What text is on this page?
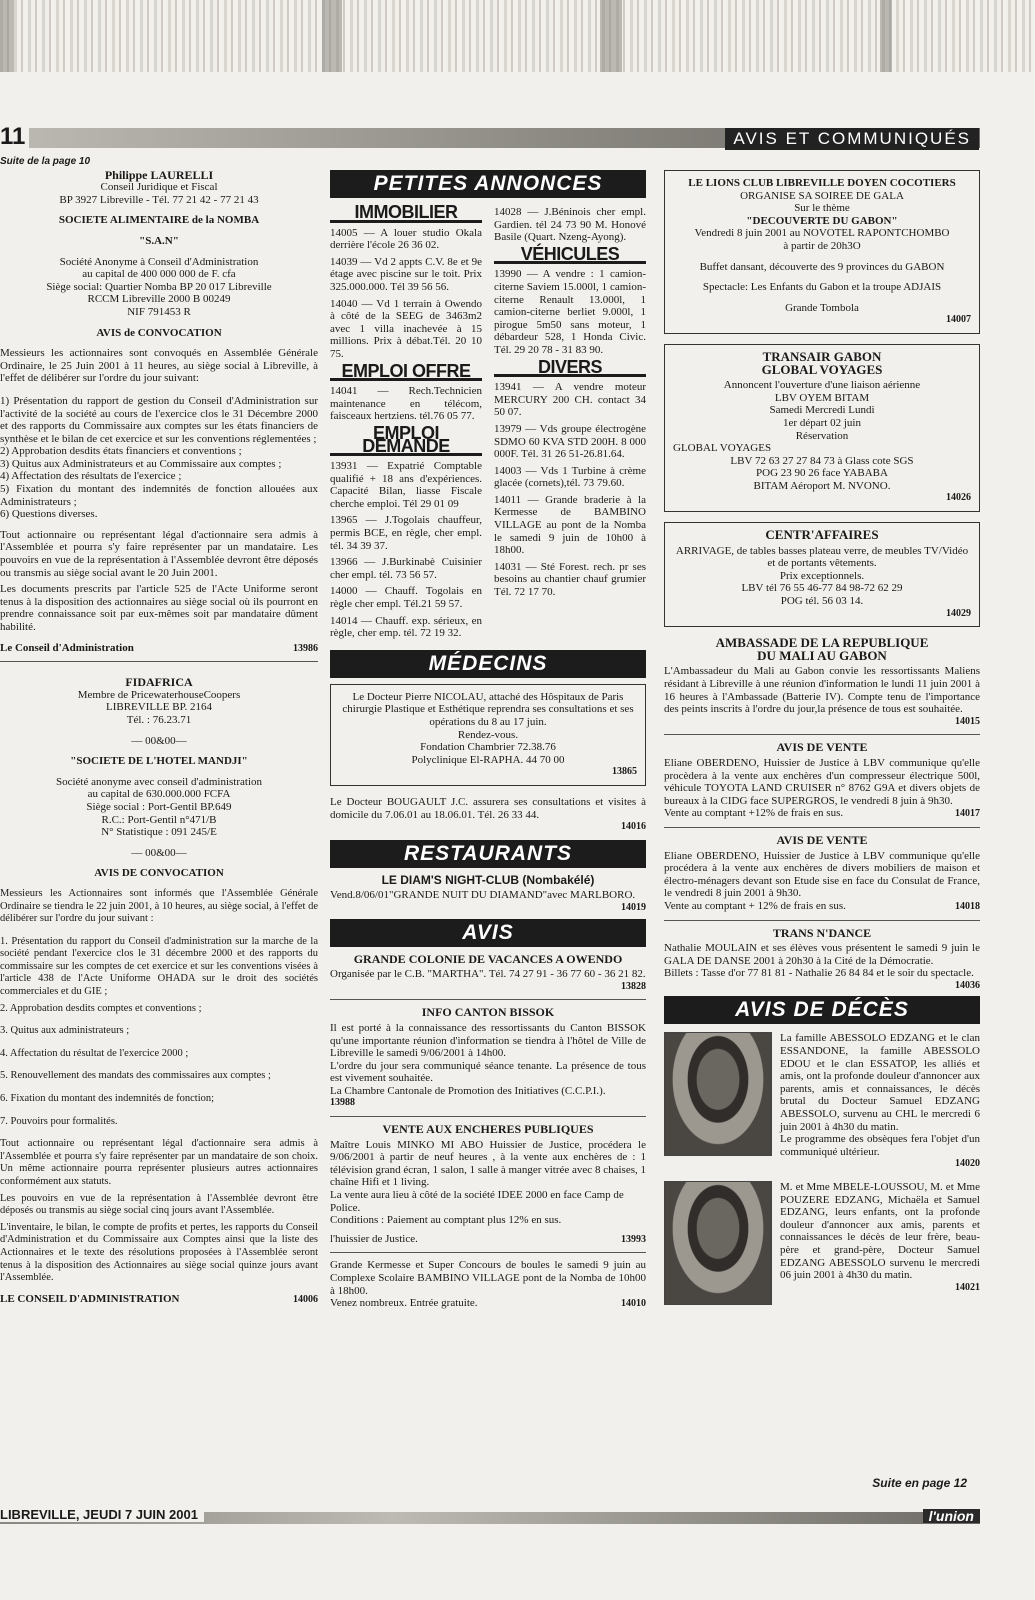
11	AVIS ET COMMUNIQUÉS
Suite de la page 10
Philippe LAURELLI
Conseil Juridique et Fiscal
BP 3927 Libreville - Tél. 77 21 42 - 77 21 43
SOCIETE ALIMENTAIRE de la NOMBA
"S.A.N"
Société Anonyme à Conseil d'Administration
au capital de 400 000 000 de F. cfa
Siège social: Quartier Nomba BP 20 017 Libreville
RCCM Libreville 2000 B 00249
NIF 791453 R
AVIS de CONVOCATION

Messieurs les actionnaires sont convoqués en Assemblée Générale Ordinaire, le 25 Juin 2001 à 11 heures, au siège social à Libreville, à l'effet de délibérer sur l'ordre du jour suivant:

1) Présentation du rapport de gestion du Conseil d'Administration sur l'activité de la société au cours de l'exercice clos le 31 Décembre 2000 et des rapports du Commissaire aux comptes sur les états financiers de synthèse et le bilan de cet exercice et sur les conventions réglementées ;
2) Approbation desdits états financiers et conventions ;
3) Quitus aux Administrateurs et au Commissaire aux comptes ;
4) Affectation des résultats de l'exercice ;
5) Fixation du montant des indemnités de fonction allouées aux Administrateurs ;
6) Questions diverses.

Tout actionnaire ou représentant légal d'actionnaire sera admis à l'Assemblée et pourra s'y faire représenter par un mandataire. Les pouvoirs en vue de la représentation à l'Assemblée devront être déposés ou transmis au siège social avant le 20 Juin 2001.

Les documents prescrits par l'article 525 de l'Acte Uniforme seront tenus à la disposition des actionnaires au siège social où ils pourront en prendre connaissance soit par eux-mêmes soit par mandataire dûment habilité.

Le Conseil d'Administration	13986
FIDAFRICA
Membre de PricewaterhouseCoopers
LIBREVILLE BP. 2164
Tél. : 76.23.71
— 00&00—
"SOCIETE DE L'HOTEL MANDJI"
Société anonyme avec conseil d'administration
au capital de 630.000.000 FCFA
Siège social : Port-Gentil BP.649
R.C.: Port-Gentil n°471/B
N° Statistique : 091 245/E
— 00&00—
AVIS DE CONVOCATION

Messieurs les Actionnaires sont informés que l'Assemblée Générale Ordinaire se tiendra le 22 juin 2001, à 10 heures, au siège social, à l'effet de délibérer sur l'ordre du jour suivant :

1. Présentation du rapport du Conseil d'administration sur la marche de la société pendant l'exercice clos le 31 décembre 2000 et des rapports du commissaire sur les comptes de cet exercice et sur les conventions visées à l'article 438 de l'Acte Uniforme OHADA sur le droit des sociétés commerciales et du GIE ;

2. Approbation desdits comptes et conventions ;

3. Quitus aux administrateurs ;

4. Affectation du résultat de l'exercice 2000 ;

5. Renouvellement des mandats des commissaires aux comptes ;

6. Fixation du montant des indemnités de fonction;

7. Pouvoirs pour formalités.

Tout actionnaire ou représentant légal d'actionnaire sera admis à l'Assemblée et pourra s'y faire représenter par un mandataire de son choix. Un même actionnaire pourra représenter plusieurs autres actionnaires conformément aux statuts.

Les pouvoirs en vue de la représentation à l'Assemblée devront être déposés ou transmis au siège social cinq jours avant l'Assemblée.

L'inventaire, le bilan, le compte de profits et pertes, les rapports du Conseil d'Administration et du Commissaire aux Comptes ainsi que la liste des Actionnaires et le texte des résolutions proposées à l'Assemblée seront tenus à la disposition des Actionnaires au siège social quinze jours avant l'Assemblée.

LE CONSEIL D'ADMINISTRATION	14006
PETITES ANNONCES
IMMOBILIER

14005 — A louer studio Okala derrière l'école 26 36 02.

14039 — Vd 2 appts C.V. 8e et 9e étage avec piscine sur le toit. Prix 325.000.000. Tél 39 56 56.

14040 — Vd 1 terrain à Owendo à côté de la SEEG de 3463m2 avec 1 villa inachevée à 15 millions. Prix à débat.Tél. 20 10 75.

EMPLOI OFFRE

14041 — Rech.Technicien maintenance en télécom, faisceaux hertziens. tél.76 05 77.

EMPLOI DEMANDE

13931 — Expatrié Comptable qualifié + 18 ans d'expériences. Capacité Bilan, liasse Fiscale cherche emploi. Tél 29 01 09

13965 — J.Togolais chauffeur, permis BCE, en règle, cher empl. tél. 34 39 37.

13966 — J.Burkinabè Cuisinier cher empl. tél. 73 56 57.

14000 — Chauff. Togolais en règle cher empl. Tél.21 59 57.

14014 — Chauff. exp. sérieux, en règle, cher emp. tél. 72 19 32.

14028 — J.Béninois cher empl. Gardien. tél 24 73 90 M. Honové Basile (Quart. Nzeng-Ayong).

VÉHICULES

13990 — A vendre : 1 camion-citerne Saviem 15.000l, 1 camion-citerne Renault 13.000l, 1 camion-citerne berliet 9.000l, 1 pirogue 5m50 sans moteur, 1 débardeur 528, 1 Honda Civic. Tél. 29 20 78 - 31 83 90.

DIVERS

13941 — A vendre moteur MERCURY 200 CH. contact 34 50 07.

13979 — Vds groupe électrogène SDMO 60 KVA STD 200H. 8 000 000F. Tél. 31 26 51-26.81.64.

14003 — Vds 1 Turbine à crème glacée (cornets),tél. 73 79.60.

14011 — Grande braderie à la Kermesse de BAMBINO VILLAGE au pont de la Nomba le samedi 9 juin de 10h00 à 18h00.

14031 — Sté Forest. rech. pr ses besoins au chantier chauf grumier Tél. 72 17 70.

MÉDECINS
Le Docteur Pierre NICOLAU, attaché des Hôspitaux de Paris chirurgie Plastique et Esthétique reprendra ses consultations et ses opérations du 8 au 17 juin.
Rendez-vous.
Fondation Chambrier 72.38.76
Polyclinique El-RAPHA. 44 70 00
13865
Le Docteur BOUGAULT J.C. assurera ses consultations et visites à domicile du 7.06.01 au 18.06.01. Tél. 26 33 44.
14016
RESTAURANTS
LE DIAM'S NIGHT-CLUB (Nombakélé)
Vend.8/06/01"GRANDE NUIT DU DIAMAND"avec MARLBORO.
14019
AVIS
GRANDE COLONIE DE VACANCES A OWENDO
Organisée par le C.B. "MARTHA". Tél. 74 27 91 - 36 77 60 - 36 21 82.
13828
INFO CANTON BISSOK
Il est porté à la connaissance des ressortissants du Canton BISSOK qu'une importante réunion d'information se tiendra à l'hôtel de Ville de Libreville le samedi 9/06/2001 à 14h00.
L'ordre du jour sera communiqué séance tenante. La présence de tous est vivement souhaitée.
La Chambre Cantonale de Promotion des Initiatives (C.C.P.I.).
13988
VENTE AUX ENCHERES PUBLIQUES
Maître Louis MINKO MI ABO Huissier de Justice, procédera le 9/06/2001 à partir de neuf heures , à la vente aux enchères de : 1 télévision grand écran, 1 salon, 1 salle à manger vitrée avec 8 chaises, 1 chaîne Hifi et 1 living.
La vente aura lieu à côté de la société IDEE 2000 en face Camp de Police.
Conditions : Paiement au comptant plus 12% en sus.
l'huissier de Justice.	13993
Grande Kermesse et Super Concours de boules le samedi 9 juin au Complexe Scolaire BAMBINO VILLAGE pont de la Nomba de 10h00 à 18h00.
Venez nombreux. Entrée gratuite.	14010
LE LIONS CLUB LIBREVILLE DOYEN COCOTIERS
ORGANISE SA SOIREE DE GALA
Sur le thème
"DECOUVERTE DU GABON"
Vendredi 8 juin 2001 au NOVOTEL RAPONTCHOMBO
à partir de 20h3O
Buffet dansant, découverte des 9 provinces du GABON
Spectacle: Les Enfants du Gabon et la troupe ADJAIS
Grande Tombola
14007
TRANSAIR GABON
GLOBAL VOYAGES
Annoncent l'ouverture d'une liaison aérienne
LBV OYEM BITAM
Samedi Mercredi Lundi
1er départ 02 juin
Réservation
GLOBAL VOYAGES
LBV 72 63 27 27 84 73 à Glass cote SGS
POG 23 90 26 face YABABA
BITAM Aéroport M. NVONO.
14026
CENTR'AFFAIRES
ARRIVAGE, de tables basses plateau verre, de meubles TV/Vidéo et de portants vêtements.
Prix exceptionnels.
LBV tél 76 55 46-77 84 98-72 62 29
POG tél. 56 03 14.
14029
AMBASSADE DE LA REPUBLIQUE
DU MALI AU GABON
L'Ambassadeur du Mali au Gabon convie les ressortissants Maliens résidant à Libreville à une réunion d'information le lundi 11 juin 2001 à 16 heures à l'Ambassade (Batterie IV). Compte tenu de l'importance des peints inscrits à l'ordre du jour,la présence de tous est souhaitée.
14015
AVIS DE VENTE
Eliane OBERDENO, Huissier de Justice à LBV communique qu'elle procèdera à la vente aux enchères d'un compresseur électrique 500l, véhicule TOYOTA LAND CRUISER n° 8762 G9A et divers objets de bureaux à la CIDG face SUPERGROS, le vendredi 8 juin à 9h30.
Vente au comptant +12% de frais en sus.	14017
AVIS DE VENTE
Eliane OBERDENO, Huissier de Justice à LBV communique qu'elle procédera à la vente aux enchères de divers mobiliers de maison et électro-ménagers devant son Etude sise en face du Consulat de France, le vendredi 8 juin 2001 à 9h30.
Vente au comptant + 12% de frais en sus.	14018
TRANS N'DANCE
Nathalie MOULAIN et ses élèves vous présentent le samedi 9 juin le GALA DE DANSE 2001 à 20h30 à la Cité de la Démocratie.
Billets : Tasse d'or 77 81 81 - Nathalie 26 84 84 et le soir du spectacle.
14036
AVIS DE DÉCÈS
La famille ABESSOLO EDZANG et le clan ESSANDONE, la famille ABESSOLO EDOU et le clan ESSATOP, les alliés et amis, ont la profonde douleur d'annoncer aux parents, amis et connaissances, le décès brutal du Docteur Samuel EDZANG ABESSOLO, survenu au CHL le mercredi 6 juin 2001 à 4h30 du matin.
Le programme des obsèques fera l'objet d'un communiqué ultérieur.
14020
M. et Mme MBELE-LOUSSOU, M. et Mme POUZERE EDZANG, Michaëla et Samuel EDZANG, leurs enfants, ont la profonde douleur d'annoncer aux amis, parents et connaissances le décès de leur frère, beau-père et grand-père, Docteur Samuel EDZANG ABESSOLO survenu le mercredi 06 juin 2001 à 4h30 du matin.
14021
Suite en page 12
LIBREVILLE, JEUDI 7 JUIN 2001	l'union
